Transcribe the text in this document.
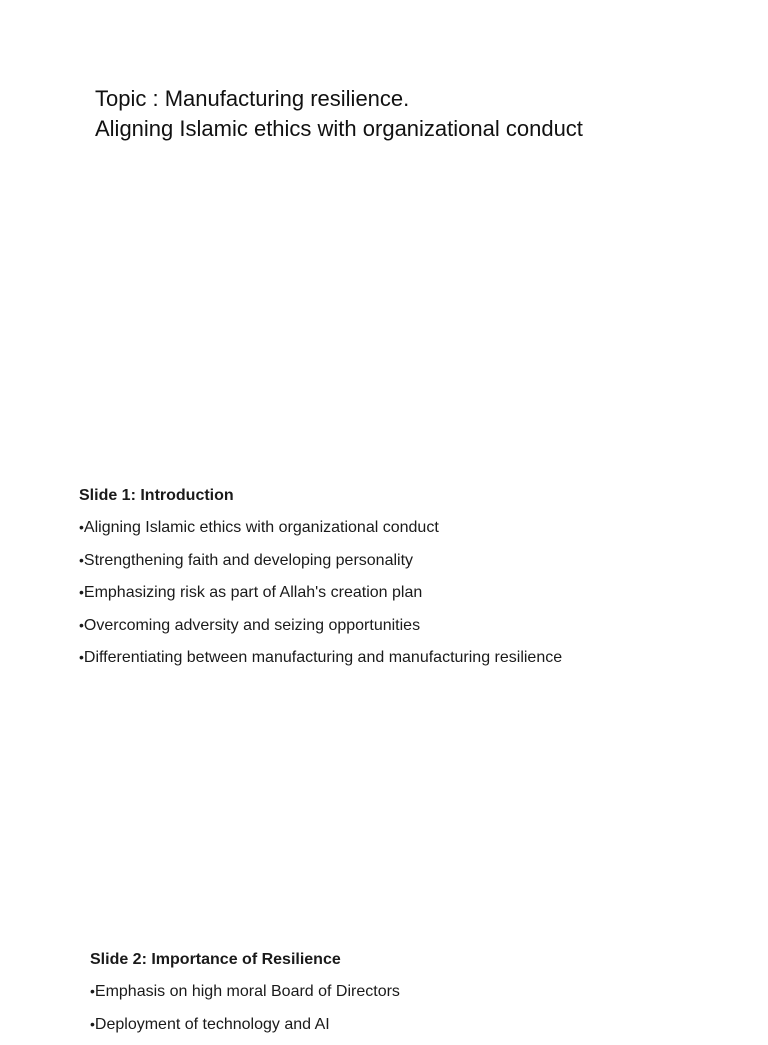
Topic : Manufacturing resilience.
Aligning Islamic ethics with organizational conduct
Slide 1: Introduction
•Aligning Islamic ethics with organizational conduct
•Strengthening faith and developing personality
•Emphasizing risk as part of Allah's creation plan
•Overcoming adversity and seizing opportunities
•Differentiating between manufacturing and manufacturing resilience
Slide 2: Importance of Resilience
•Emphasis on high moral Board of Directors
•Deployment of technology and AI
